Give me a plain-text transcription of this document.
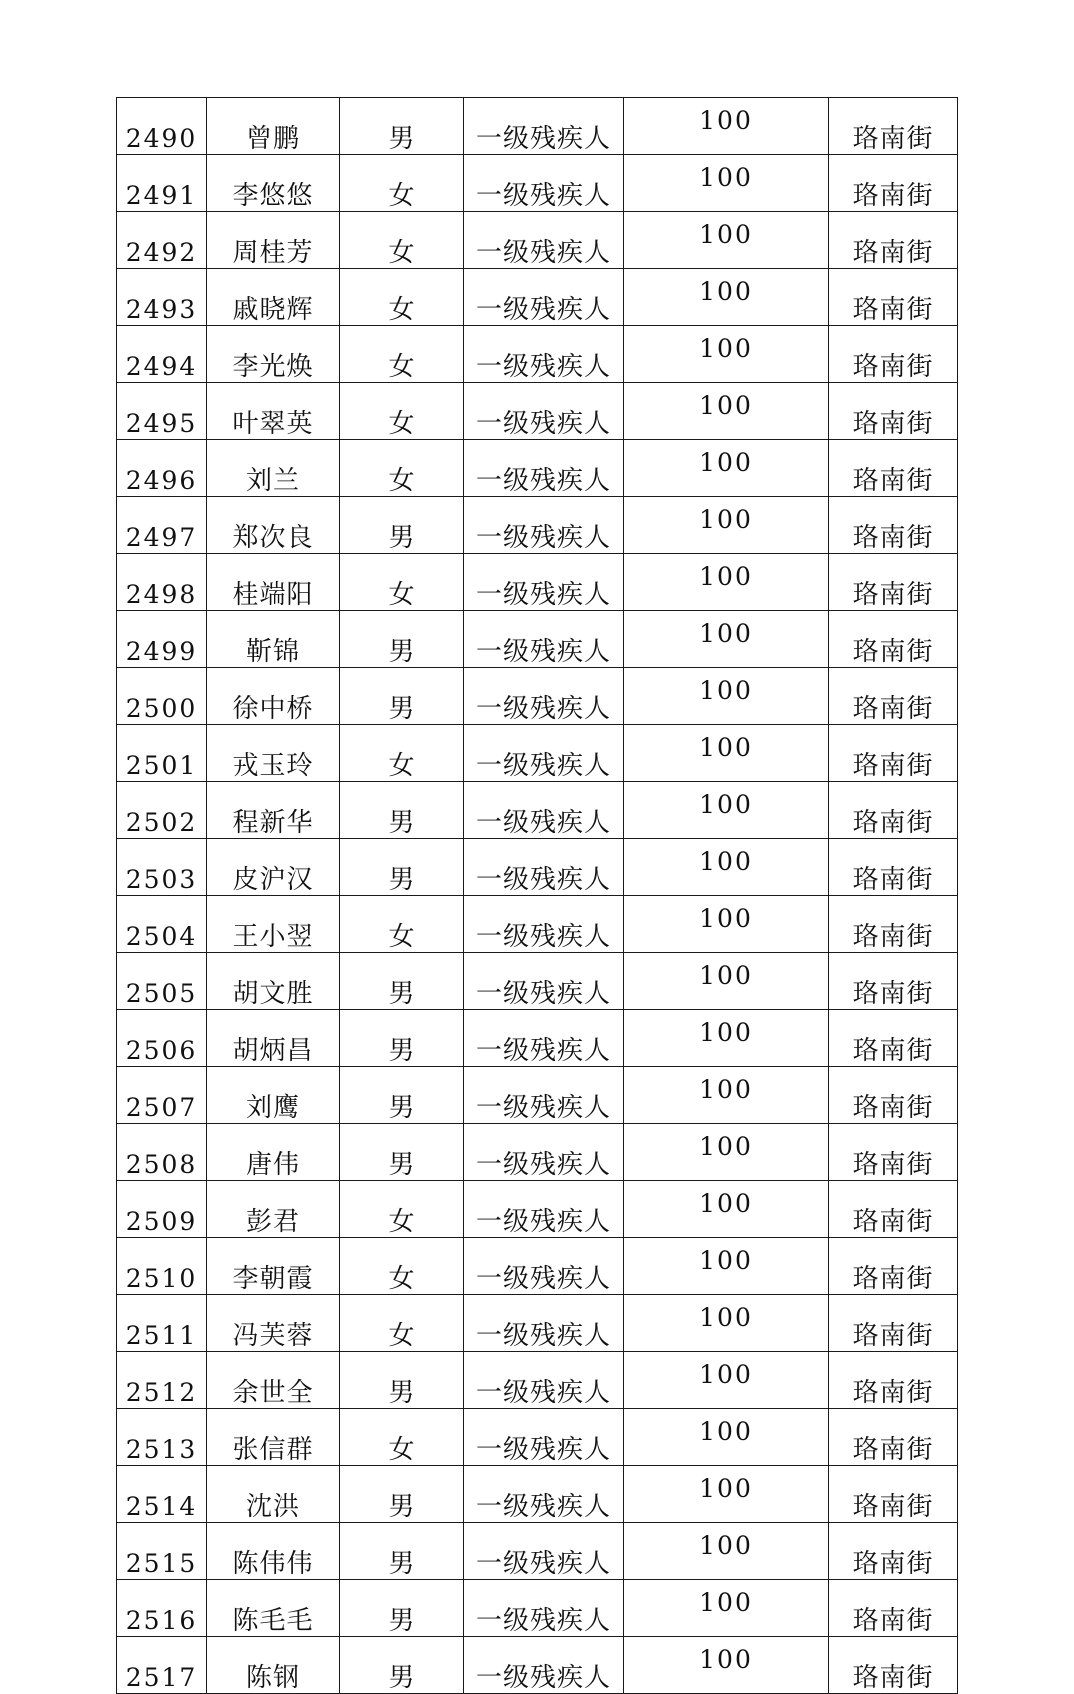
2490	曾鹏	男	一级残疾人	100	珞南街
2491	李悠悠	女	一级残疾人	100	珞南街
2492	周桂芳	女	一级残疾人	100	珞南街
2493	戚晓辉	女	一级残疾人	100	珞南街
2494	李光焕	女	一级残疾人	100	珞南街
2495	叶翠英	女	一级残疾人	100	珞南街
2496	刘兰	女	一级残疾人	100	珞南街
2497	郑次良	男	一级残疾人	100	珞南街
2498	桂端阳	女	一级残疾人	100	珞南街
2499	靳锦	男	一级残疾人	100	珞南街
2500	徐中桥	男	一级残疾人	100	珞南街
2501	戎玉玲	女	一级残疾人	100	珞南街
2502	程新华	男	一级残疾人	100	珞南街
2503	皮沪汉	男	一级残疾人	100	珞南街
2504	王小翌	女	一级残疾人	100	珞南街
2505	胡文胜	男	一级残疾人	100	珞南街
2506	胡炳昌	男	一级残疾人	100	珞南街
2507	刘鹰	男	一级残疾人	100	珞南街
2508	唐伟	男	一级残疾人	100	珞南街
2509	彭君	女	一级残疾人	100	珞南街
2510	李朝霞	女	一级残疾人	100	珞南街
2511	冯芙蓉	女	一级残疾人	100	珞南街
2512	余世全	男	一级残疾人	100	珞南街
2513	张信群	女	一级残疾人	100	珞南街
2514	沈洪	男	一级残疾人	100	珞南街
2515	陈伟伟	男	一级残疾人	100	珞南街
2516	陈毛毛	男	一级残疾人	100	珞南街
2517	陈钢	男	一级残疾人	100	珞南街
